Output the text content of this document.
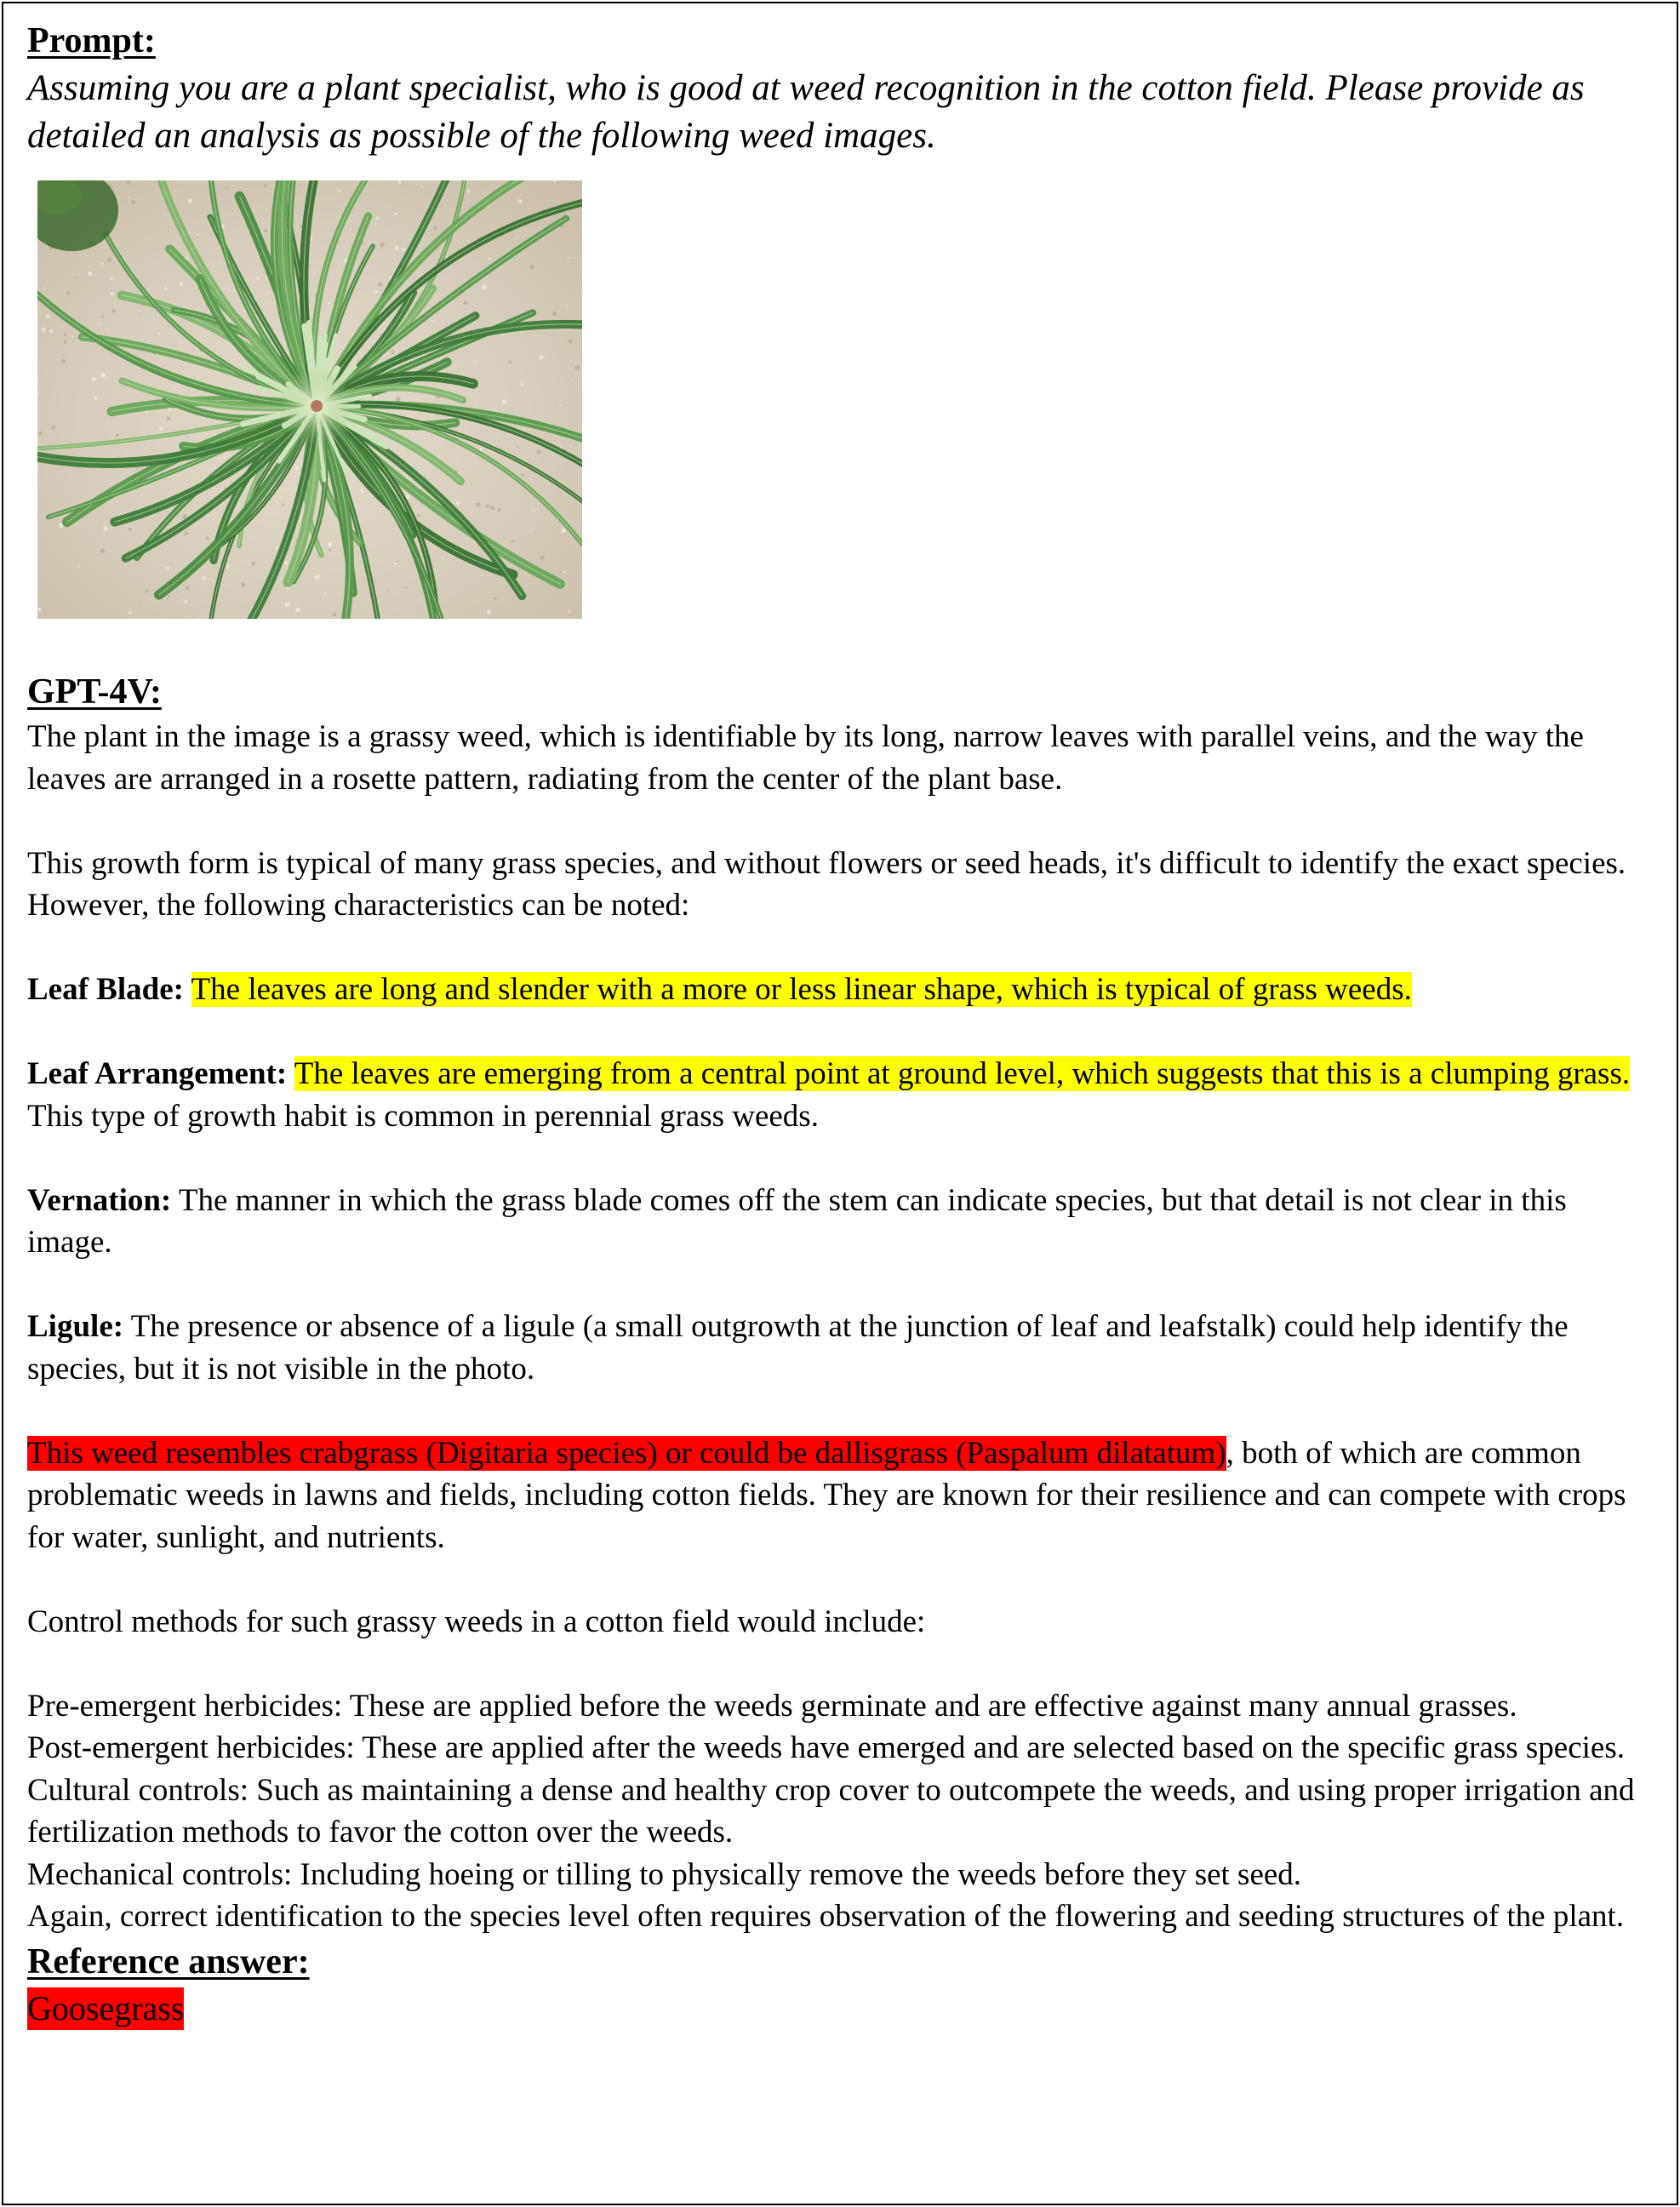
Prompt:

Assuming you are a plant specialist, who is good at weed recognition in the cotton field. Please provide as detailed an analysis as possible of the following weed images.

GPT-4V:

The plant in the image is a grassy weed, which is identifiable by its long, narrow leaves with parallel veins, and the way the leaves are arranged in a rosette pattern, radiating from the center of the plant base.

This growth form is typical of many grass species, and without flowers or seed heads, it's difficult to identify the exact species. However, the following characteristics can be noted:

Leaf Blade: The leaves are long and slender with a more or less linear shape, which is typical of grass weeds.

Leaf Arrangement: The leaves are emerging from a central point at ground level, which suggests that this is a clumping grass. This type of growth habit is common in perennial grass weeds.

Vernation: The manner in which the grass blade comes off the stem can indicate species, but that detail is not clear in this image.

Ligule: The presence or absence of a ligule (a small outgrowth at the junction of leaf and leafstalk) could help identify the species, but it is not visible in the photo.

This weed resembles crabgrass (Digitaria species) or could be dallisgrass (Paspalum dilatatum), both of which are common problematic weeds in lawns and fields, including cotton fields. They are known for their resilience and can compete with crops for water, sunlight, and nutrients.

Control methods for such grassy weeds in a cotton field would include:

Pre-emergent herbicides: These are applied before the weeds germinate and are effective against many annual grasses.

Post-emergent herbicides: These are applied after the weeds have emerged and are selected based on the specific grass species.

Cultural controls: Such as maintaining a dense and healthy crop cover to outcompete the weeds, and using proper irrigation and fertilization methods to favor the cotton over the weeds.

Mechanical controls: Including hoeing or tilling to physically remove the weeds before they set seed.

Again, correct identification to the species level often requires observation of the flowering and seeding structures of the plant.

Reference answer:
Goosegrass
